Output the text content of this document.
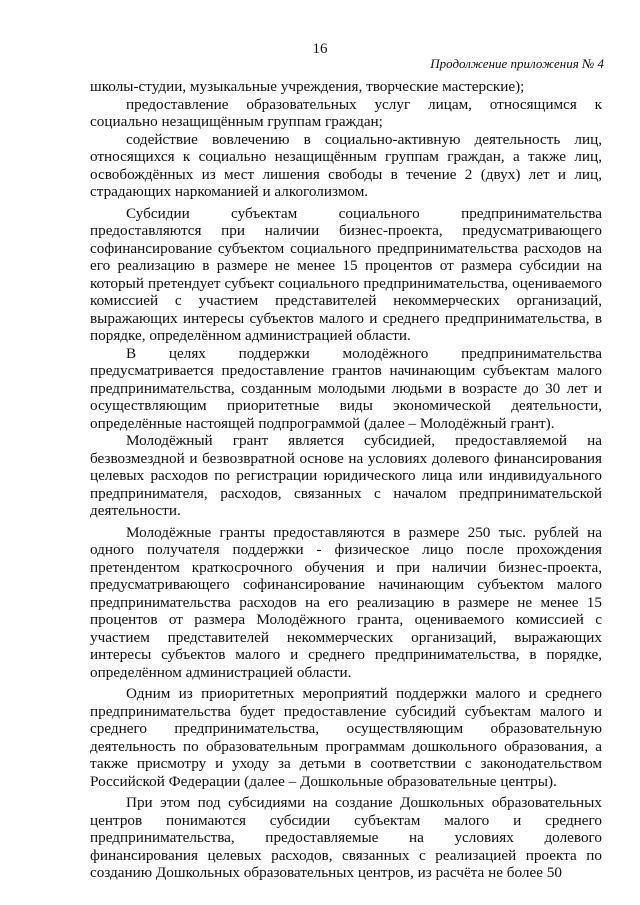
16
Продолжение приложения № 4

школы-студии, музыкальные учреждения, творческие мастерские);

предоставление образовательных услуг лицам, относящимся к социально незащищённым группам граждан;

содействие вовлечению в социально-активную деятельность лиц, относящихся к социально незащищённым группам граждан, а также лиц, освобождённых из мест лишения свободы в течение 2 (двух) лет и лиц, страдающих наркоманией и алкоголизмом.

Субсидии субъектам социального предпринимательства предоставляются при наличии бизнес-проекта, предусматривающего софинансирование субъектом социального предпринимательства расходов на его реализацию в размере не менее 15 процентов от размера субсидии на который претендует субъект социального предпринимательства, оцениваемого комиссией с участием представителей некоммерческих организаций, выражающих интересы субъектов малого и среднего предпринимательства, в порядке, определённом администрацией области.

В целях поддержки молодёжного предпринимательства предусматривается предоставление грантов начинающим субъектам малого предпринимательства, созданным молодыми людьми в возрасте до 30 лет и осуществляющим приоритетные виды экономической деятельности, определённые настоящей подпрограммой (далее – Молодёжный грант).

Молодёжный грант является субсидией, предоставляемой на безвозмездной и безвозвратной основе на условиях долевого финансирования целевых расходов по регистрации юридического лица или индивидуального предпринимателя, расходов, связанных с началом предпринимательской деятельности.

Молодёжные гранты предоставляются в размере 250 тыс. рублей на одного получателя поддержки - физическое лицо после прохождения претендентом краткосрочного обучения и при наличии бизнес-проекта, предусматривающего софинансирование начинающим субъектом малого предпринимательства расходов на его реализацию в размере не менее 15 процентов от размера Молодёжного гранта, оцениваемого комиссией с участием представителей некоммерческих организаций, выражающих интересы субъектов малого и среднего предпринимательства, в порядке, определённом администрацией области.

Одним из приоритетных мероприятий поддержки малого и среднего предпринимательства будет предоставление субсидий субъектам малого и среднего предпринимательства, осуществляющим образовательную деятельность по образовательным программам дошкольного образования, а также присмотру и уходу за детьми в соответствии с законодательством Российской Федерации (далее – Дошкольные образовательные центры).

При этом под субсидиями на создание Дошкольных образовательных центров понимаются субсидии субъектам малого и среднего предпринимательства, предоставляемые на условиях долевого финансирования целевых расходов, связанных с реализацией проекта по созданию Дошкольных образовательных центров, из расчёта не более 50
